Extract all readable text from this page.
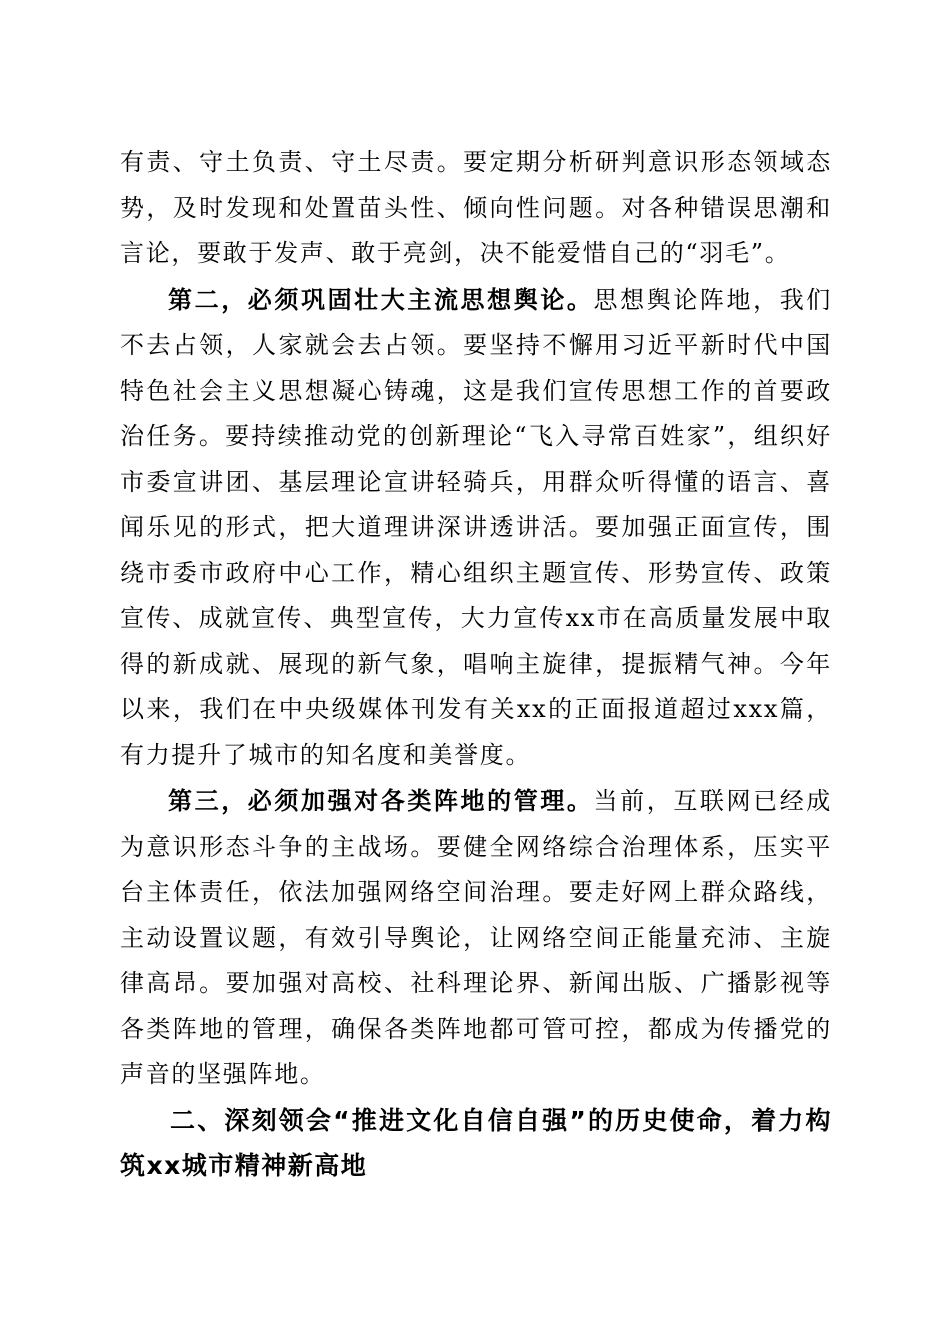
有责、守土负责、守土尽责。要定期分析研判意识形态领域态势，及时发现和处置苗头性、倾向性问题。对各种错误思潮和言论，要敢于发声、敢于亮剑，决不能爱惜自己的“羽毛”。

第二，必须巩固壮大主流思想舆论。思想舆论阵地，我们不去占领，人家就会去占领。要坚持不懈用习近平新时代中国特色社会主义思想凝心铸魂，这是我们宣传思想工作的首要政治任务。要持续推动党的创新理论“飞入寻常百姓家”，组织好市委宣讲团、基层理论宣讲轻骑兵，用群众听得懂的语言、喜闻乐见的形式，把大道理讲深讲透讲活。要加强正面宣传，围绕市委市政府中心工作，精心组织主题宣传、形势宣传、政策宣传、成就宣传、典型宣传，大力宣传xx市在高质量发展中取得的新成就、展现的新气象，唱响主旋律，提振精气神。今年以来，我们在中央级媒体刊发有关xx的正面报道超过xxx篇，有力提升了城市的知名度和美誉度。

第三，必须加强对各类阵地的管理。当前，互联网已经成为意识形态斗争的主战场。要健全网络综合治理体系，压实平台主体责任，依法加强网络空间治理。要走好网上群众路线，主动设置议题，有效引导舆论，让网络空间正能量充沛、主旋律高昂。要加强对高校、社科理论界、新闻出版、广播影视等各类阵地的管理，确保各类阵地都可管可控，都成为传播党的声音的坚强阵地。

二、深刻领会“推进文化自信自强”的历史使命，着力构筑xx城市精神新高地
